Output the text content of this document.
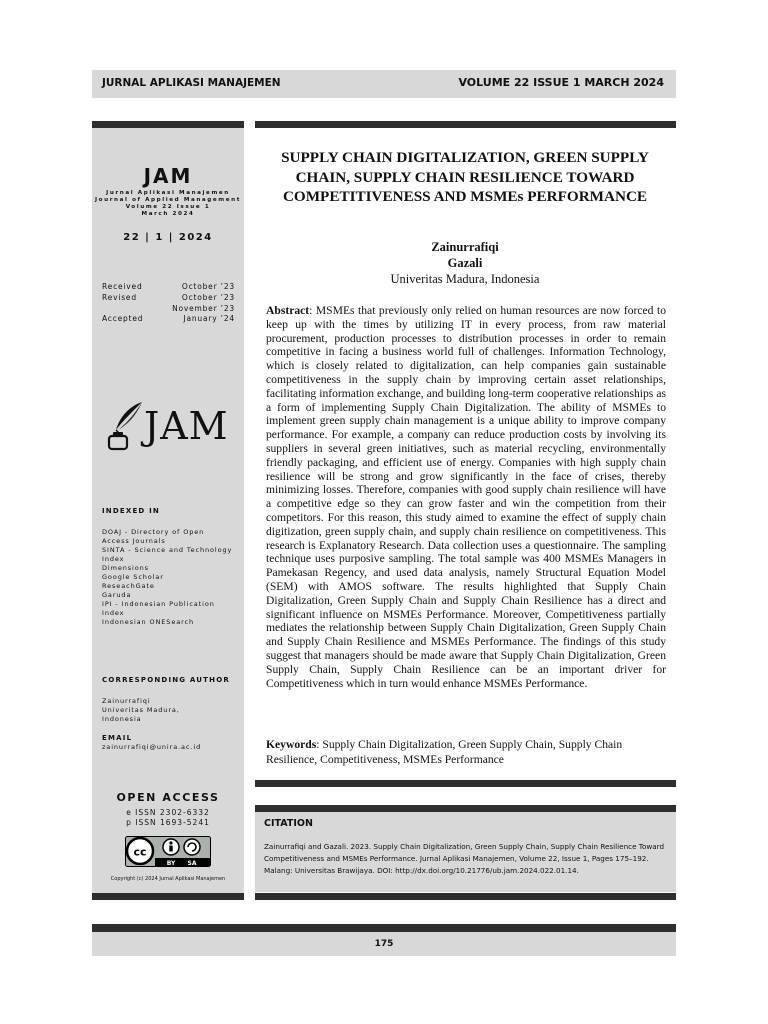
JURNAL APLIKASI MANAJEMEN	VOLUME 22 ISSUE 1 MARCH 2024
JAM
Jurnal Aplikasi Manajemen
Journal of Applied Management
Volume 22 Issue 1
March 2024
22 | 1 | 2024
Received	October ’23
Revised	October ’23
November ’23
Accepted	January ’24
JAM
INDEXED IN
DOAJ - Directory of Open
Access Journals
SINTA - Science and Technology
Index
Dimensions
Google Scholar
ReseachGate
Garuda
IPI - Indonesian Publication
Index
Indonesian ONESearch
CORRESPONDING AUTHOR
Zainurrafiqi
Univeritas Madura,
Indonesia
EMAIL
zainurrafiqi@unira.ac.id
OPEN ACCESS
e ISSN 2302-6332
p ISSN 1693-5241
cc
BY SA
Copyright (c) 2024 Jurnal Aplikasi Manajemen
SUPPLY CHAIN DIGITALIZATION, GREEN SUPPLY CHAIN, SUPPLY CHAIN RESILIENCE TOWARD COMPETITIVENESS AND MSMEs PERFORMANCE
Zainurrafiqi
Gazali
Univeritas Madura, Indonesia
Abstract: MSMEs that previously only relied on human resources are now forced to keep up with the times by utilizing IT in every process, from raw material procurement, production processes to distribution processes in order to remain competitive in facing a business world full of challenges. Information Technology, which is closely related to digitalization, can help companies gain sustainable competitiveness in the supply chain by improving certain asset relationships, facilitating information exchange, and building long-term cooperative relationships as a form of implementing Supply Chain Digitalization. The ability of MSMEs to implement green supply chain management is a unique ability to improve company performance. For example, a company can reduce production costs by involving its suppliers in several green initiatives, such as material recycling, environmentally friendly packaging, and efficient use of energy. Companies with high supply chain resilience will be strong and grow significantly in the face of crises, thereby minimizing losses. Therefore, companies with good supply chain resilience will have a competitive edge so they can grow faster and win the competition from their competitors. For this reason, this study aimed to examine the effect of supply chain digitization, green supply chain, and supply chain resilience on competitiveness. This research is Explanatory Research. Data collection uses a questionnaire. The sampling technique uses purposive sampling. The total sample was 400 MSMEs Managers in Pamekasan Regency, and used data analysis, namely Structural Equation Model (SEM) with AMOS software. The results highlighted that Supply Chain Digitalization, Green Supply Chain and Supply Chain Resilience has a direct and significant influence on MSMEs Performance. Moreover, Competitiveness partially mediates the relationship between Supply Chain Digitalization, Green Supply Chain and Supply Chain Resilience and MSMEs Performance. The findings of this study suggest that managers should be made aware that Supply Chain Digitalization, Green Supply Chain, Supply Chain Resilience can be an important driver for Competitiveness which in turn would enhance MSMEs Performance.
Keywords: Supply Chain Digitalization, Green Supply Chain, Supply Chain Resilience, Competitiveness, MSMEs Performance
CITATION
Zainurrafiqi and Gazali. 2023. Supply Chain Digitalization, Green Supply Chain, Supply Chain Resilience Toward Competitiveness and MSMEs Performance. Jurnal Aplikasi Manajemen, Volume 22, Issue 1, Pages 175–192. Malang: Universitas Brawijaya. DOI: http://dx.doi.org/10.21776/ub.jam.2024.022.01.14.
175
